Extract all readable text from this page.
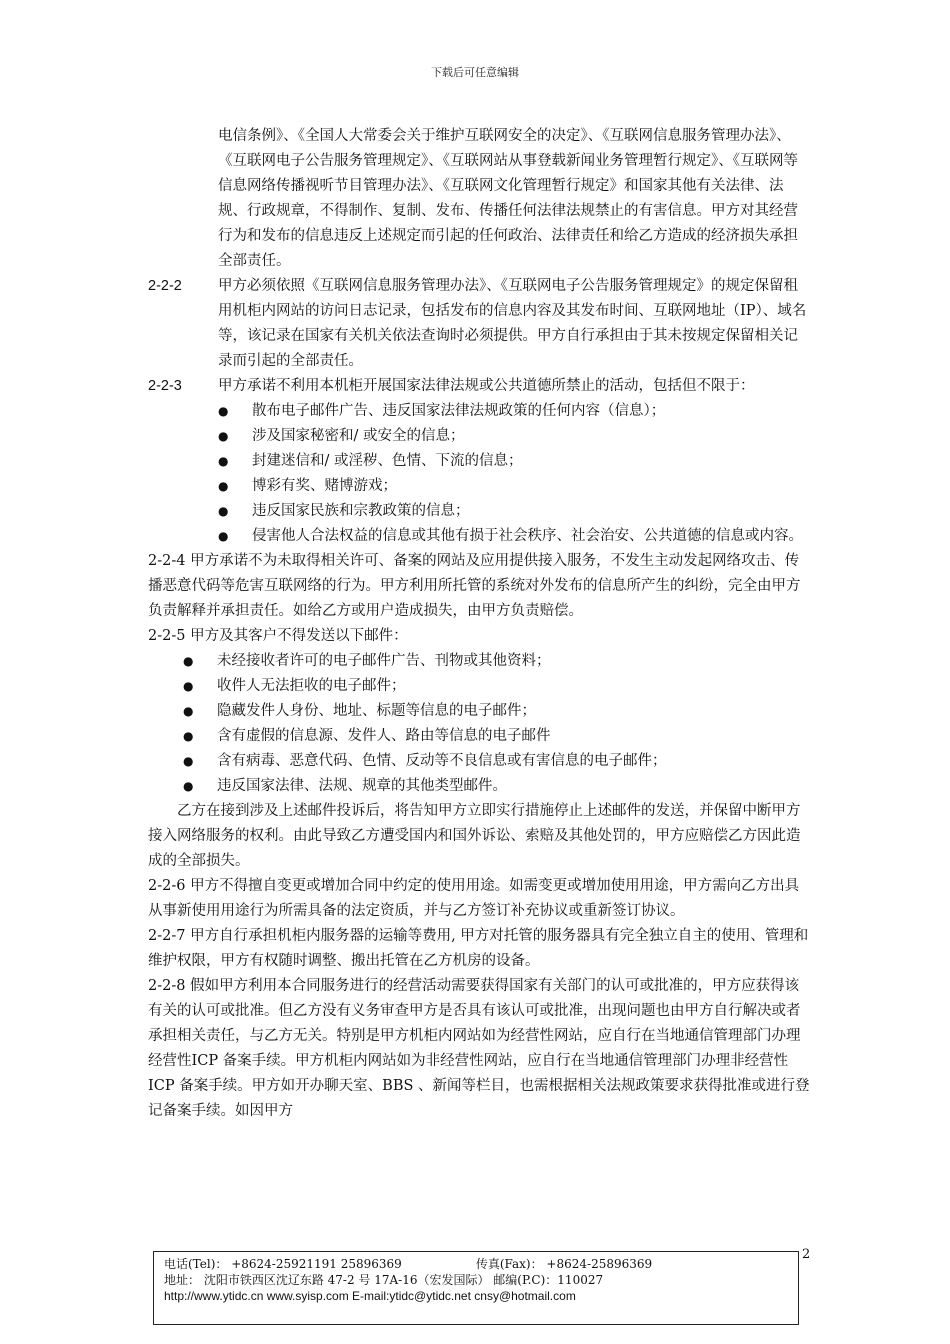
下载后可任意编辑

电信条例》、《全国人大常委会关于维护互联网安全的决定》、《互联网信息服务管理办法》、《互联网电子公告服务管理规定》、《互联网站从事登载新闻业务管理暂行规定》、《互联网等信息网络传播视听节目管理办法》、《互联网文化管理暂行规定》和国家其他有关法律、法规、行政规章，不得制作、复制、发布、传播任何法律法规禁止的有害信息。甲方对其经营行为和发布的信息违反上述规定而引起的任何政治、法律责任和给乙方造成的经济损失承担全部责任。

2-2-2	甲方必须依照《互联网信息服务管理办法》、《互联网电子公告服务管理规定》的规定保留租用机柜内网站的访问日志记录，包括发布的信息内容及其发布时间、互联网地址（IP）、域名等，该记录在国家有关机关依法查询时必须提供。甲方自行承担由于其未按规定保留相关记录而引起的全部责任。
2-2-3	甲方承诺不利用本机柜开展国家法律法规或公共道德所禁止的活动，包括但不限于：
●	散布电子邮件广告、违反国家法律法规政策的任何内容（信息）；
●	涉及国家秘密和/ 或安全的信息；
●	封建迷信和/ 或淫秽、色情、下流的信息；
●	博彩有奖、赌博游戏；
●	违反国家民族和宗教政策的信息；
●	侵害他人合法权益的信息或其他有损于社会秩序、社会治安、公共道德的信息或内容。

2-2-4 甲方承诺不为未取得相关许可、备案的网站及应用提供接入服务，不发生主动发起网络攻击、传播恶意代码等危害互联网络的行为。甲方利用所托管的系统对外发布的信息所产生的纠纷，完全由甲方负责解释并承担责任。如给乙方或用户造成损失，由甲方负责赔偿。

2-2-5 甲方及其客户不得发送以下邮件：

●	未经接收者许可的电子邮件广告、刊物或其他资料；
●	收件人无法拒收的电子邮件；
●	隐藏发件人身份、地址、标题等信息的电子邮件；
●	含有虚假的信息源、发件人、路由等信息的电子邮件
●	含有病毒、恶意代码、色情、反动等不良信息或有害信息的电子邮件；
●	违反国家法律、法规、规章的其他类型邮件。

乙方在接到涉及上述邮件投诉后，将告知甲方立即实行措施停止上述邮件的发送，并保留中断甲方接入网络服务的权利。由此导致乙方遭受国内和国外诉讼、索赔及其他处罚的，甲方应赔偿乙方因此造成的全部损失。

2-2-6 甲方不得擅自变更或增加合同中约定的使用用途。如需变更或增加使用用途，甲方需向乙方出具从事新使用用途行为所需具备的法定资质，并与乙方签订补充协议或重新签订协议。

2-2-7 甲方自行承担机柜内服务器的运输等费用, 甲方对托管的服务器具有完全独立自主的使用、管理和维护权限，甲方有权随时调整、搬出托管在乙方机房的设备。

2-2-8 假如甲方利用本合同服务进行的经营活动需要获得国家有关部门的认可或批准的，甲方应获得该有关的认可或批准。但乙方没有义务审查甲方是否具有该认可或批准，出现问题也由甲方自行解决或者承担相关责任，与乙方无关。特别是甲方机柜内网站如为经营性网站，应自行在当地通信管理部门办理经营性ICP 备案手续。甲方机柜内网站如为非经营性网站，应自行在当地通信管理部门办理非经营性ICP 备案手续。甲方如开办聊天室、BBS 、新闻等栏目，也需根据相关法规政策要求获得批准或进行登记备案手续。如因甲方

电话(Tel)： +8624-25921191 25896369	传真(Fax)： +8624-25896369
地址： 沈阳市铁西区沈辽东路 47-2 号 17A-16（宏发国际） 邮编(P.C)：110027
http://www.ytidc.cn www.syisp.com E-mail:ytidc@ytidc.net cnsy@hotmail.com
2
